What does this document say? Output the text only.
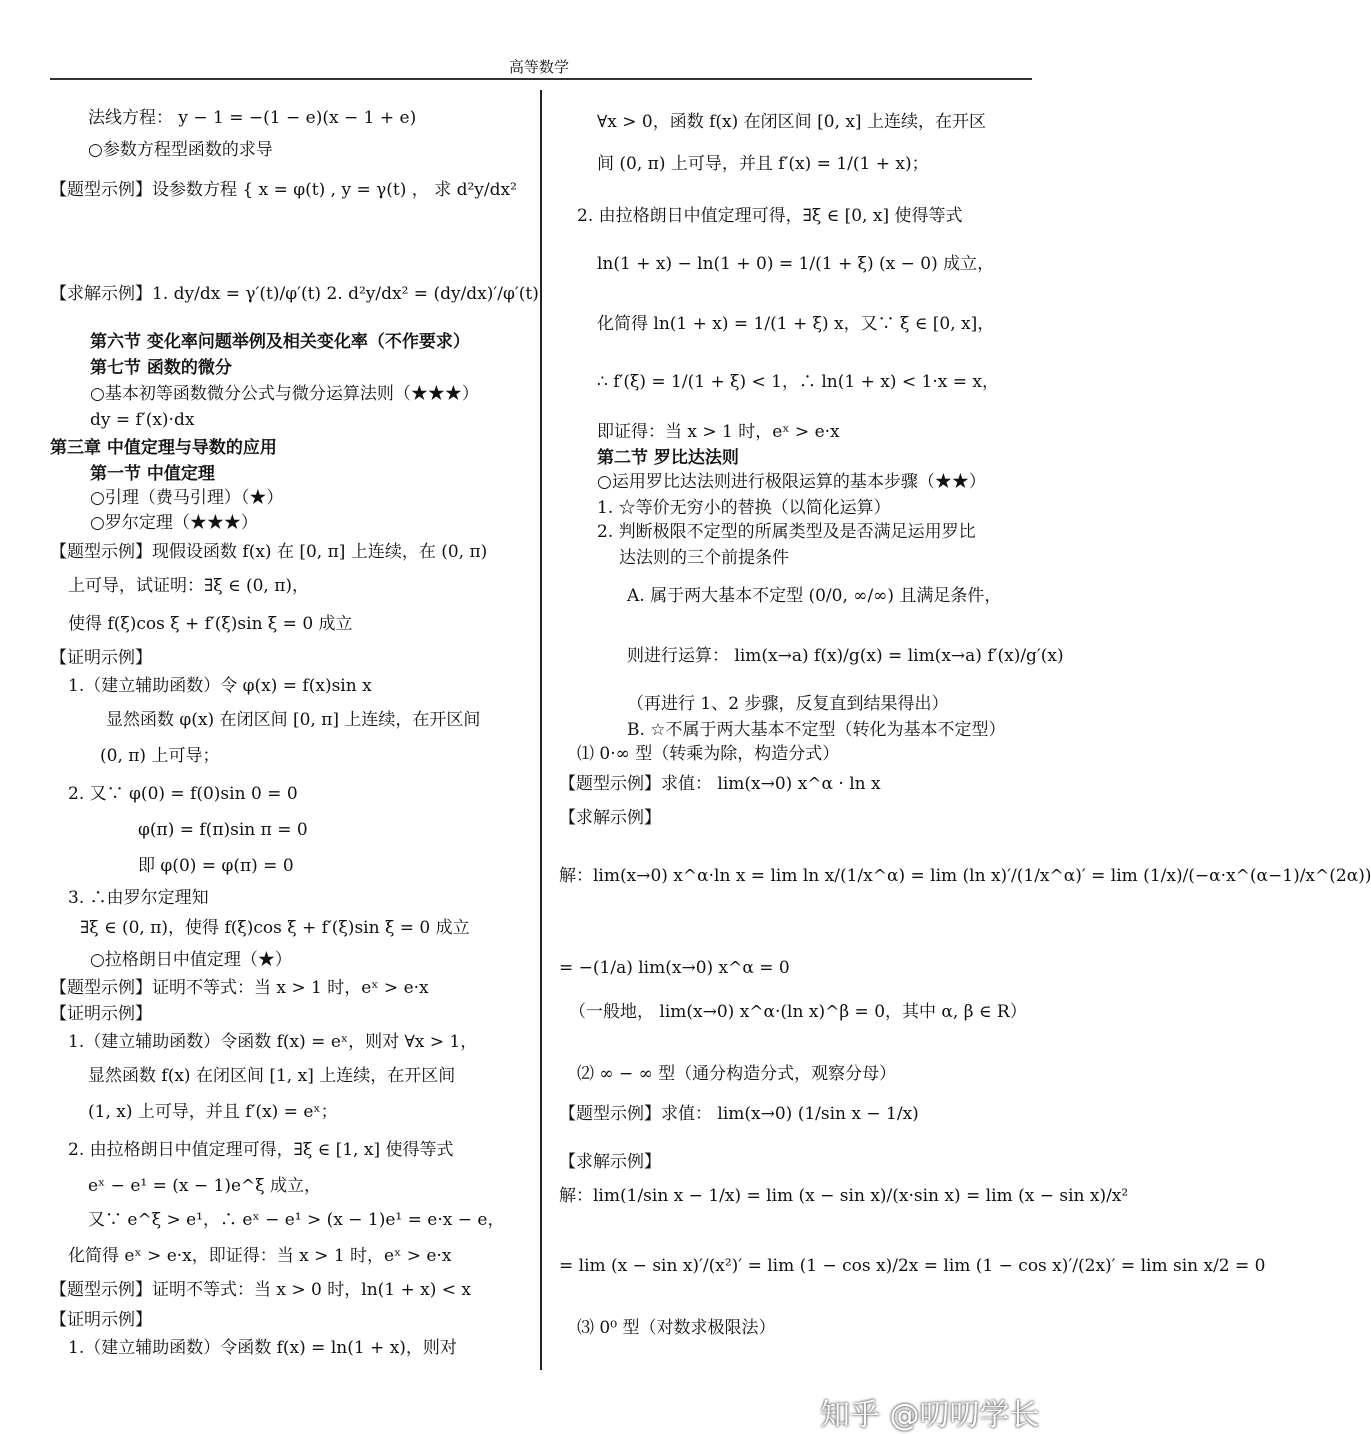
高等数学
法线方程： y − 1 = −(1 − e)(x − 1 + e)
○参数方程型函数的求导
【题型示例】设参数方程 { x = φ(t) , y = γ(t) ， 求 d²y/dx²
【求解示例】1. dy/dx = γ′(t)/φ′(t) 2. d²y/dx² = (dy/dx)′/φ′(t)
第六节 变化率问题举例及相关变化率（不作要求）
第七节 函数的微分
○基本初等函数微分公式与微分运算法则（★★★）
dy = f′(x)·dx
第三章 中值定理与导数的应用
第一节 中值定理
○引理（费马引理）（★）
○罗尔定理（★★★）
【题型示例】现假设函数 f(x) 在 [0, π] 上连续，在 (0, π)
上可导，试证明：∃ξ ∈ (0, π)，
使得 f(ξ)cos ξ + f′(ξ)sin ξ = 0 成立
【证明示例】
1.（建立辅助函数）令 φ(x) = f(x)sin x
显然函数 φ(x) 在闭区间 [0, π] 上连续，在开区间
(0, π) 上可导；
2. 又∵ φ(0) = f(0)sin 0 = 0
φ(π) = f(π)sin π = 0
即 φ(0) = φ(π) = 0
3. ∴由罗尔定理知
∃ξ ∈ (0, π)，使得 f(ξ)cos ξ + f′(ξ)sin ξ = 0 成立
○拉格朗日中值定理（★）
【题型示例】证明不等式：当 x > 1 时，eˣ > e·x
【证明示例】
1.（建立辅助函数）令函数 f(x) = eˣ，则对 ∀x > 1，
显然函数 f(x) 在闭区间 [1, x] 上连续，在开区间
(1, x) 上可导，并且 f′(x) = eˣ；
2. 由拉格朗日中值定理可得，∃ξ ∈ [1, x] 使得等式
eˣ − e¹ = (x − 1)e^ξ 成立，
又∵ e^ξ > e¹，∴ eˣ − e¹ > (x − 1)e¹ = e·x − e，
化简得 eˣ > e·x，即证得：当 x > 1 时，eˣ > e·x
【题型示例】证明不等式：当 x > 0 时，ln(1 + x) < x
【证明示例】
1.（建立辅助函数）令函数 f(x) = ln(1 + x)，则对
∀x > 0，函数 f(x) 在闭区间 [0, x] 上连续，在开区
间 (0, π) 上可导，并且 f′(x) = 1/(1 + x)；
2. 由拉格朗日中值定理可得，∃ξ ∈ [0, x] 使得等式
ln(1 + x) − ln(1 + 0) = 1/(1 + ξ) (x − 0) 成立，
化简得 ln(1 + x) = 1/(1 + ξ) x，又∵ ξ ∈ [0, x]，
∴ f′(ξ) = 1/(1 + ξ) < 1，∴ ln(1 + x) < 1·x = x，
即证得：当 x > 1 时，eˣ > e·x
第二节 罗比达法则
○运用罗比达法则进行极限运算的基本步骤（★★）
1. ☆等价无穷小的替换（以简化运算）
2. 判断极限不定型的所属类型及是否满足运用罗比
达法则的三个前提条件
A. 属于两大基本不定型 (0/0, ∞/∞) 且满足条件，
则进行运算： lim(x→a) f(x)/g(x) = lim(x→a) f′(x)/g′(x)
（再进行 1、2 步骤，反复直到结果得出）
B. ☆不属于两大基本不定型（转化为基本不定型）
⑴ 0·∞ 型（转乘为除，构造分式）
【题型示例】求值： lim(x→0) x^α · ln x
【求解示例】
解：lim(x→0) x^α·ln x = lim ln x/(1/x^α) = lim (ln x)′/(1/x^α)′ = lim (1/x)/(−α·x^(α−1)/x^(2α))
= −(1/a) lim(x→0) x^α = 0
（一般地， lim(x→0) x^α·(ln x)^β = 0，其中 α, β ∈ R）
⑵ ∞ − ∞ 型（通分构造分式，观察分母）
【题型示例】求值： lim(x→0) (1/sin x − 1/x)
【求解示例】
解：lim(1/sin x − 1/x) = lim (x − sin x)/(x·sin x) = lim (x − sin x)/x²
= lim (x − sin x)′/(x²)′ = lim (1 − cos x)/2x = lim (1 − cos x)′/(2x)′ = lim sin x/2 = 0
⑶ 0⁰ 型（对数求极限法）
知乎 @叨叨学长
